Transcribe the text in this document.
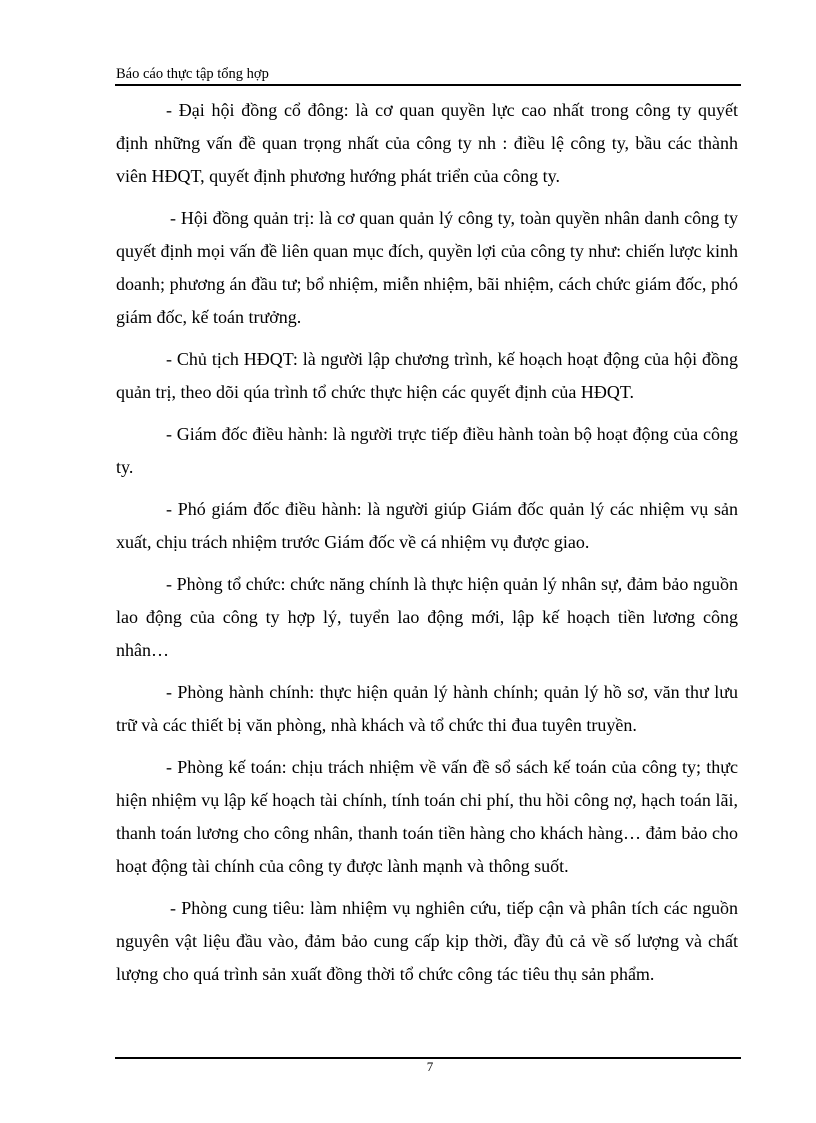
Báo cáo thực tập tổng hợp

- Đại hội đồng cổ đông: là cơ quan quyền lực cao nhất trong công ty quyết định những vấn đề quan trọng nhất của công ty nh : điều lệ công ty, bầu các thành viên HĐQT, quyết định phương hướng phát triển của công ty.

- Hội đồng quản trị: là cơ quan quản lý công ty, toàn quyền nhân danh công ty quyết định mọi vấn đề liên quan mục đích, quyền lợi của công ty như: chiến lược kinh doanh; phương án đầu tư; bổ nhiệm, miễn nhiệm, bãi nhiệm, cách chức giám đốc, phó giám đốc, kế toán trưởng.

- Chủ tịch HĐQT: là người lập chương trình, kế hoạch hoạt động của hội đồng quản trị, theo dõi qúa trình tổ chức thực hiện các quyết định của HĐQT.

- Giám đốc điều hành: là người trực tiếp điều hành toàn bộ hoạt động của công ty.

- Phó giám đốc điều hành: là người giúp Giám đốc quản lý các nhiệm vụ sản xuất, chịu trách nhiệm trước Giám đốc về cá nhiệm vụ được giao.

- Phòng tổ chức: chức năng chính là thực hiện quản lý nhân sự, đảm bảo nguồn lao động của công ty hợp lý, tuyển lao động mới, lập kế hoạch tiền lương công nhân…

- Phòng hành chính: thực hiện quản lý hành chính; quản lý hồ sơ, văn thư lưu trữ và các thiết bị văn phòng, nhà khách và tổ chức thi đua tuyên truyền.

- Phòng kế toán: chịu trách nhiệm về vấn đề sổ sách kế toán của công ty; thực hiện nhiệm vụ lập kế hoạch tài chính, tính toán chi phí, thu hồi công nợ, hạch toán lãi, thanh toán lương cho công nhân, thanh toán tiền hàng cho khách hàng… đảm bảo cho hoạt động tài chính của công ty được lành mạnh và thông suốt.

- Phòng cung tiêu: làm nhiệm vụ nghiên cứu, tiếp cận và phân tích các nguồn nguyên vật liệu đầu vào, đảm bảo cung cấp kịp thời, đầy đủ cả về số lượng và chất lượng cho quá trình sản xuất đồng thời tổ chức công tác tiêu thụ sản phẩm.

7
